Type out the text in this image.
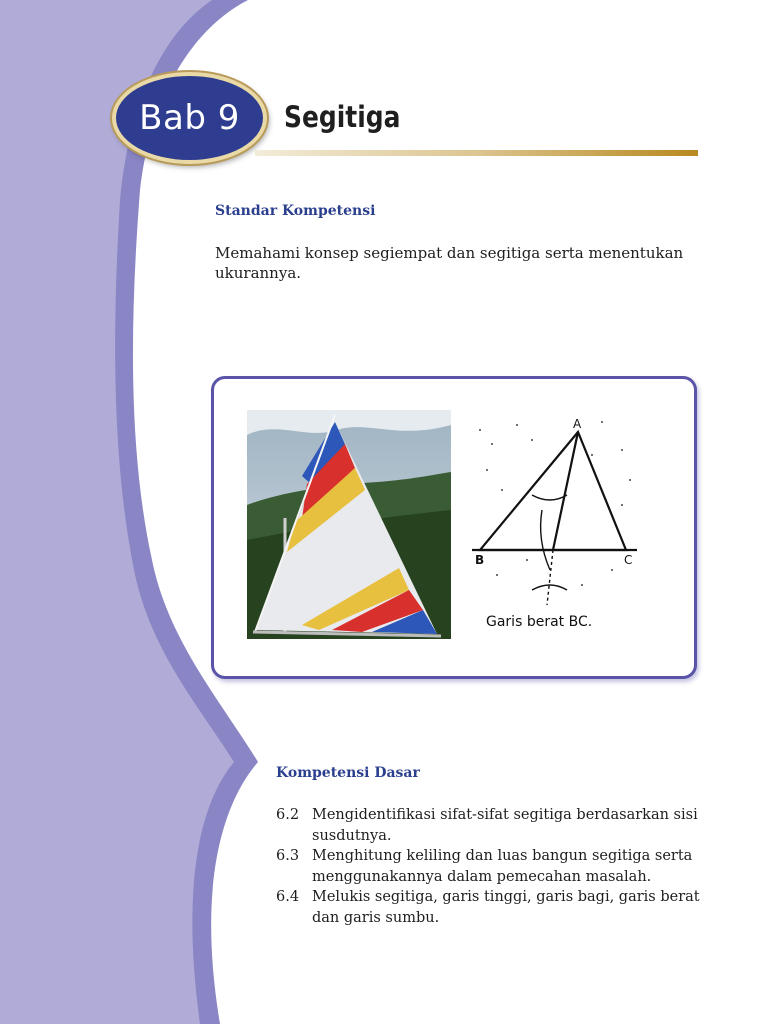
Bab 9 Segitiga
Standar Kompetensi
Memahami konsep segiempat dan segitiga serta menentukan ukurannya.
A
B	C
Garis berat BC.
Kompetensi Dasar
6.2 Mengidentifikasi sifat-sifat segitiga berdasarkan sisi susdutnya.
6.3 Menghitung keliling dan luas bangun segitiga serta menggunakannya dalam pemecahan masalah.
6.4 Melukis segitiga, garis tinggi, garis bagi, garis berat dan garis sumbu.
